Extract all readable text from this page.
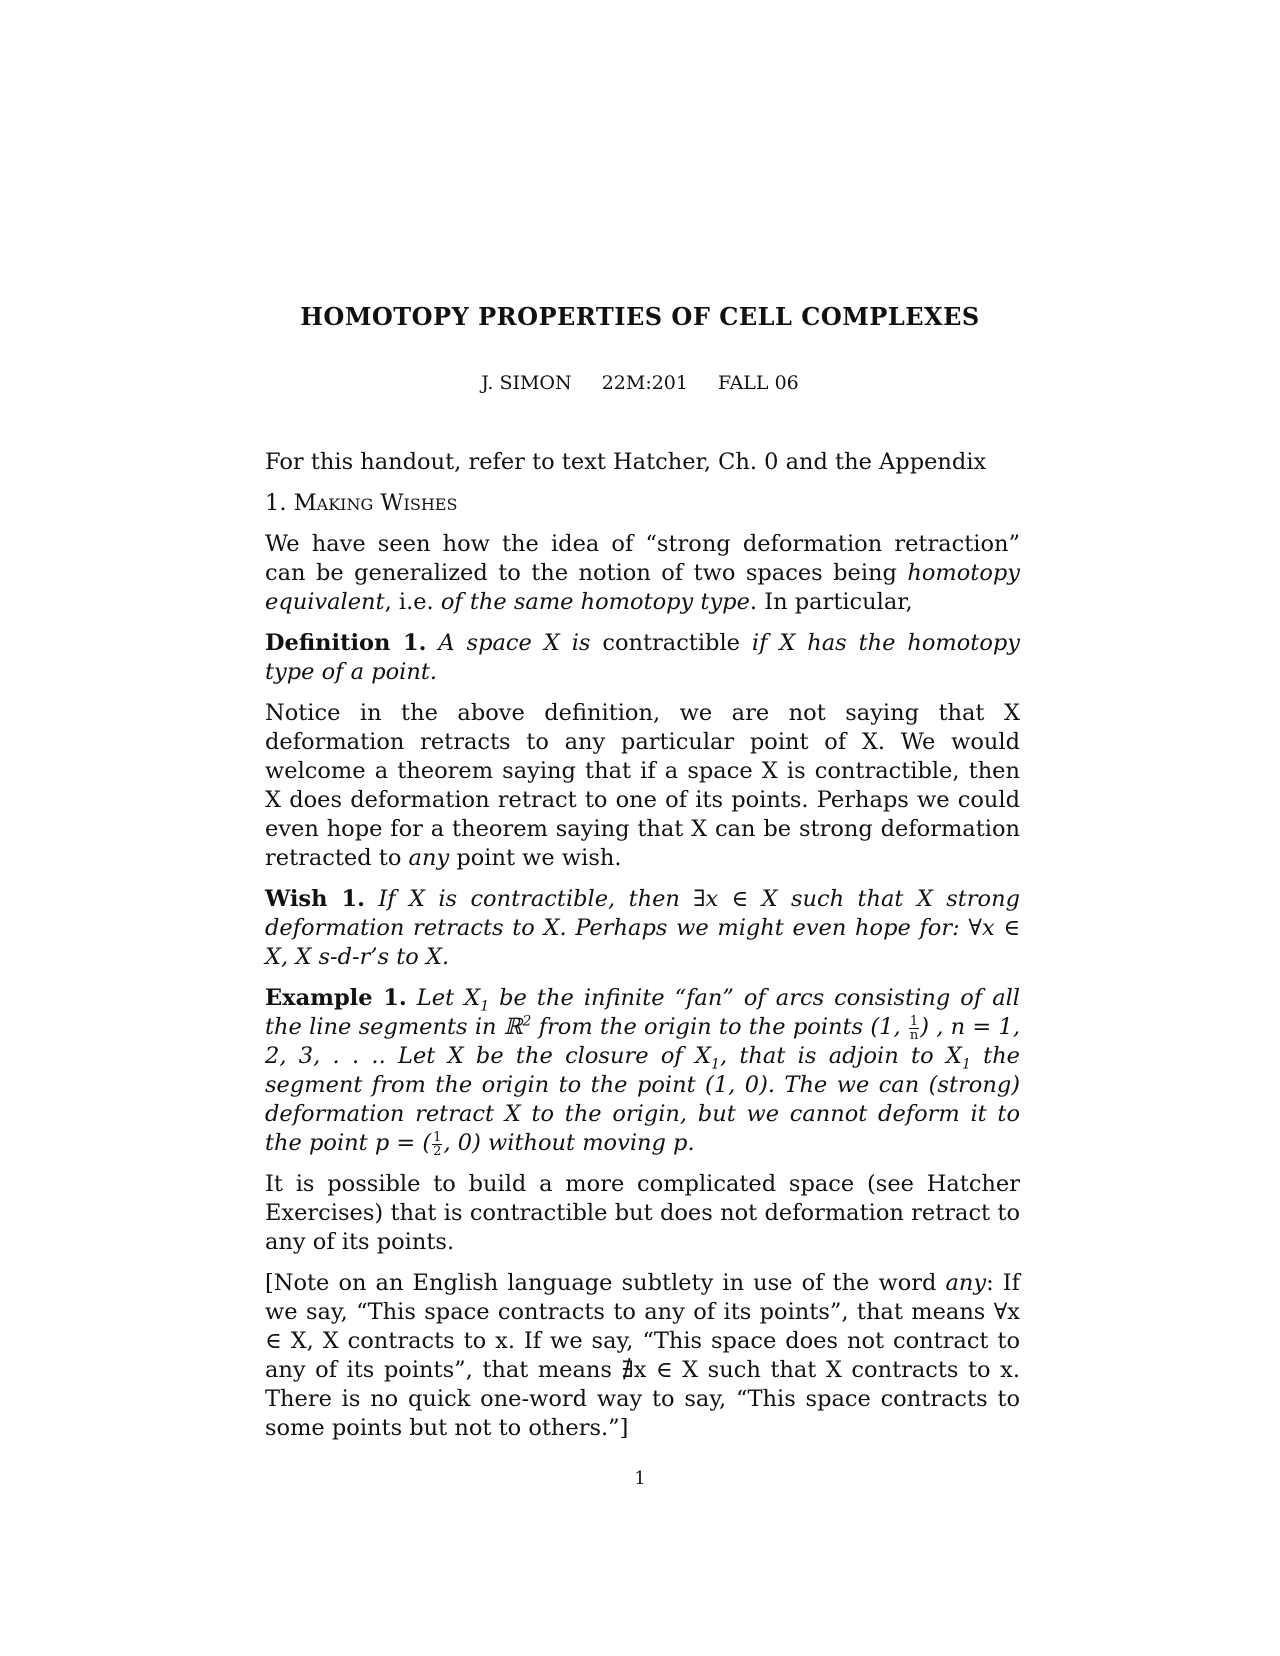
HOMOTOPY PROPERTIES OF CELL COMPLEXES
J. SIMON 22M:201 FALL 06

For this handout, refer to text Hatcher, Ch. 0 and the Appendix

1. Making Wishes

We have seen how the idea of “strong deformation retraction” can be generalized to the notion of two spaces being homotopy equivalent, i.e. of the same homotopy type. In particular,

Definition 1. A space X is contractible if X has the homotopy type of a point.

Notice in the above definition, we are not saying that X deformation retracts to any particular point of X. We would welcome a theorem saying that if a space X is contractible, then X does deformation retract to one of its points. Perhaps we could even hope for a theorem saying that X can be strong deformation retracted to any point we wish.

Wish 1. If X is contractible, then ∃x ∈ X such that X strong deformation retracts to X. Perhaps we might even hope for: ∀x ∈ X, X s-d-r’s to X.

Example 1. Let $X_1$ be the infinite “fan” of arcs consisting of all the line segments in ℝ$^2$ from the origin to the points (1, $\frac{1}{n}$ ) , n = 1, 2, 3, . . .. Let X be the closure of $X_1$, that is adjoin to $X_1$ the segment from the origin to the point (1, 0). The we can (strong) deformation retract X to the origin, but we cannot deform it to the point p = ( $\frac{1}{2}$ , 0) without moving p.

It is possible to build a more complicated space (see Hatcher Exercises) that is contractible but does not deformation retract to any of its points.

[Note on an English language subtlety in use of the word any: If we say, “This space contracts to any of its points”, that means ∀x ∈ X, X contracts to x. If we say, “This space does not contract to any of its points”, that means ∄x ∈ X such that X contracts to x. There is no quick one-word way to say, “This space contracts to some points but not to others.”]

1
